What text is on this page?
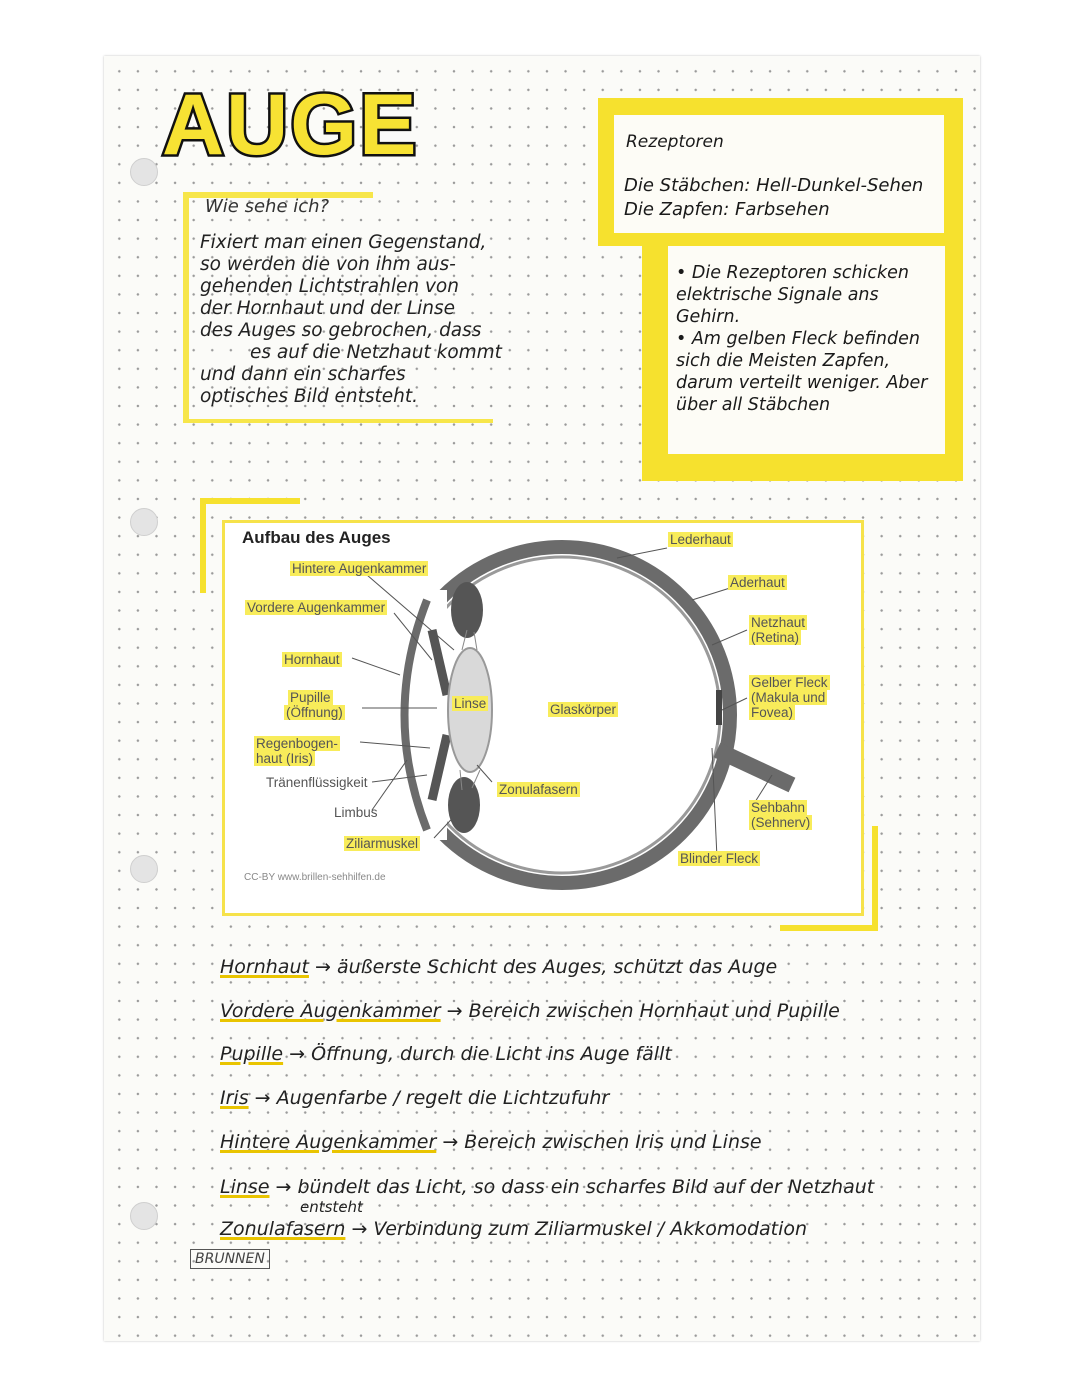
AUGE
Wie sehe ich?
Fixiert man einen Gegenstand,
so werden die von ihm aus-
gehenden Lichtstrahlen von
der Hornhaut und der Linse
des Auges so gebrochen, dass
es auf die Netzhaut kommt
und dann ein scharfes
optisches Bild entsteht.
Rezeptoren
Die Stäbchen: Hell-Dunkel-Sehen
Die Zapfen: Farbsehen
• Die Rezeptoren schicken elektrische Signale ans Gehirn.
• Am gelben Fleck befinden sich die Meisten Zapfen, darum verteilt weniger. Aber über all Stäbchen
Aufbau des Auges
Hintere Augenkammer
Vordere Augenkammer
Hornhaut
Pupille
(Öffnung)
Regenbogen-
haut (Iris)
Tränenflüssigkeit
Limbus
Ziliarmuskel
Linse
Zonulafasern
Glaskörper
Lederhaut
Aderhaut
Netzhaut
(Retina)
Gelber Fleck
(Makula und
Fovea)
Sehbahn
(Sehnerv)
Blinder Fleck
CC-BY www.brillen-sehhilfen.de
Hornhaut → äußerste Schicht des Auges, schützt das Auge
Vordere Augenkammer → Bereich zwischen Hornhaut und Pupille
Pupille → Öffnung, durch die Licht ins Auge fällt
Iris → Augenfarbe / regelt die Lichtzufuhr
Hintere Augenkammer → Bereich zwischen Iris und Linse
Linse → bündelt das Licht, so dass ein scharfes Bild auf der Netzhaut
entsteht
Zonulafasern → Verbindung zum Ziliarmuskel / Akkomodation
BRUNNEN
